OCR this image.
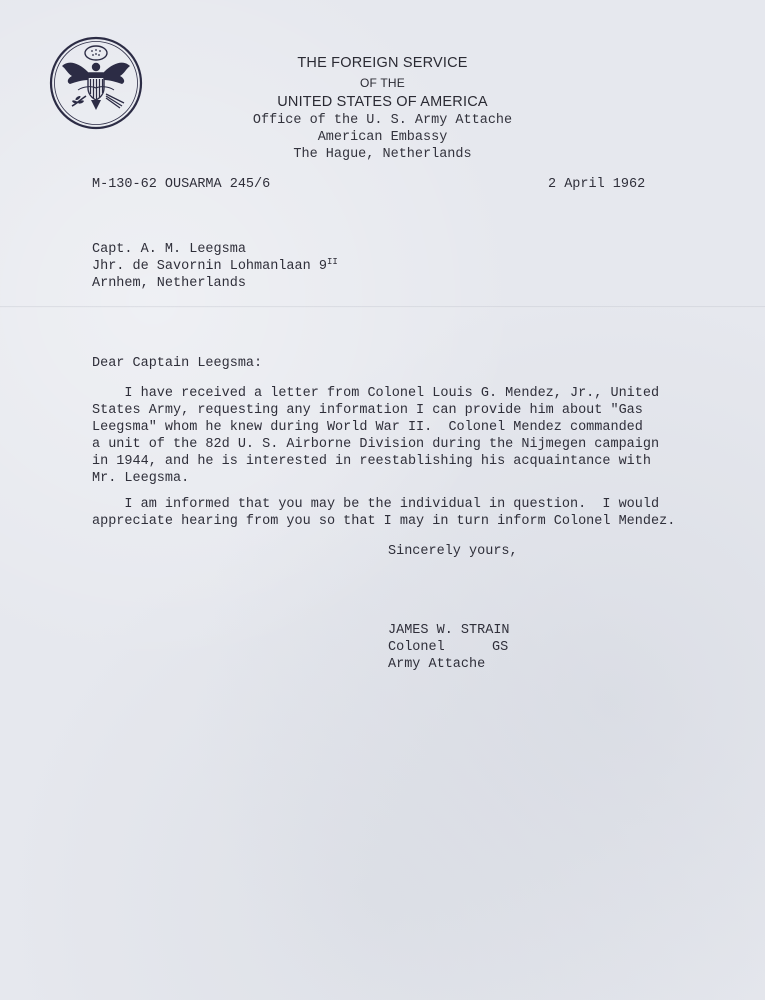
THE FOREIGN SERVICE
OF THE
UNITED STATES OF AMERICA
Office of the U. S. Army Attache
American Embassy
The Hague, Netherlands
M-130-62 OUSARMA 245/6	2 April 1962
Capt. A. M. Leegsma
Jhr. de Savornin Lohmanlaan $9^{II}$
Arnhem, Netherlands
Dear Captain Leegsma:
I have received a letter from Colonel Louis G. Mendez, Jr., United
States Army, requesting any information I can provide him about "Gas
Leegsma" whom he knew during World War II.  Colonel Mendez commanded
a unit of the 82d U. S. Airborne Division during the Nijmegen campaign
in 1944, and he is interested in reestablishing his acquaintance with
Mr. Leegsma.
I am informed that you may be the individual in question.  I would
appreciate hearing from you so that I may in turn inform Colonel Mendez.
Sincerely yours,
JAMES W. STRAIN
Colonel	GS
Army Attache
